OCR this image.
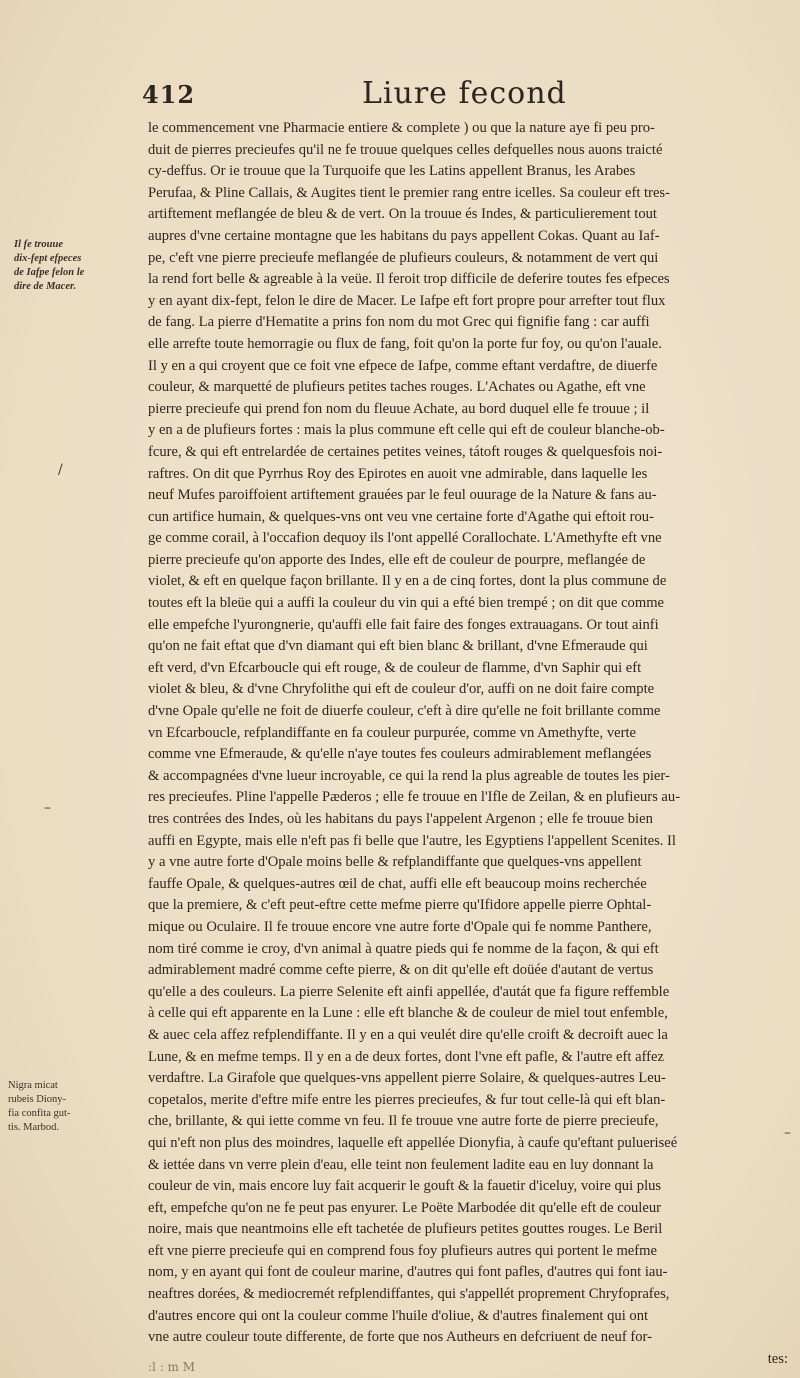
412	Liure fecond
Il fe trouue
dix-fept efpeces
de Iafpe felon le
dire de Macer.
Nigra micat
rubeis Diony-
fia confita gut-
tis. Marbod.
/
–
–
:l : m M
le commencement vne Pharmacie entiere & complete ) ou que la nature aye fi peu pro-
duit de pierres precieufes qu'il ne fe trouue quelques celles defquelles nous auons traicté
cy-deffus. Or ie trouue que la Turquoife que les Latins appellent Branus, les Arabes
Perufaa, & Pline Callais, & Augites tient le premier rang entre icelles. Sa couleur eft tres-
artiftement meflangée de bleu & de vert. On la trouue és Indes, & particulierement tout
aupres d'vne certaine montagne que les habitans du pays appellent Cokas. Quant au Iaf-
pe, c'eft vne pierre precieufe meflangée de plufieurs couleurs, & notamment de vert qui
la rend fort belle & agreable à la veüe. Il feroit trop difficile de deferire toutes fes efpeces
y en ayant dix-fept, felon le dire de Macer. Le Iafpe eft fort propre pour arrefter tout flux
de fang. La pierre d'Hematite a prins fon nom du mot Grec qui fignifie fang : car auffi
elle arrefte toute hemorragie ou flux de fang, foit qu'on la porte fur foy, ou qu'on l'auale.
Il y en a qui croyent que ce foit vne efpece de Iafpe, comme eftant verdaftre, de diuerfe
couleur, & marquetté de plufieurs petites taches rouges. L'Achates ou Agathe, eft vne
pierre precieufe qui prend fon nom du fleuue Achate, au bord duquel elle fe trouue ; il
y en a de plufieurs fortes : mais la plus commune eft celle qui eft de couleur blanche-ob-
fcure, & qui eft entrelardée de certaines petites veines, tátoft rouges & quelquesfois noi-
raftres. On dit que Pyrrhus Roy des Epirotes en auoit vne admirable, dans laquelle les
neuf Mufes paroiffoient artiftement grauées par le feul ouurage de la Nature & fans au-
cun artifice humain, & quelques-vns ont veu vne certaine forte d'Agathe qui eftoit rou-
ge comme corail, à l'occafion dequoy ils l'ont appellé Corallochate. L'Amethyfte eft vne
pierre precieufe qu'on apporte des Indes, elle eft de couleur de pourpre, meflangée de
violet, & eft en quelque façon brillante. Il y en a de cinq fortes, dont la plus commune de
toutes eft la bleüe qui a auffi la couleur du vin qui a efté bien trempé ; on dit que comme
elle empefche l'yurongnerie, qu'auffi elle fait faire des fonges extrauagans. Or tout ainfi
qu'on ne fait eftat que d'vn diamant qui eft bien blanc & brillant, d'vne Efmeraude qui
eft verd, d'vn Efcarboucle qui eft rouge, & de couleur de flamme, d'vn Saphir qui eft
violet & bleu, & d'vne Chryfolithe qui eft de couleur d'or, auffi on ne doit faire compte
d'vne Opale qu'elle ne foit de diuerfe couleur, c'eft à dire qu'elle ne foit brillante comme
vn Efcarboucle, refplandiffante en fa couleur purpurée, comme vn Amethyfte, verte
comme vne Efmeraude, & qu'elle n'aye toutes fes couleurs admirablement meflangées
& accompagnées d'vne lueur incroyable, ce qui la rend la plus agreable de toutes les pier-
res precieufes. Pline l'appelle Pæderos ; elle fe trouue en l'Ifle de Zeilan, & en plufieurs au-
tres contrées des Indes, où les habitans du pays l'appelent Argenon ; elle fe trouue bien
auffi en Egypte, mais elle n'eft pas fi belle que l'autre, les Egyptiens l'appellent Scenites. Il
y a vne autre forte d'Opale moins belle & refplandiffante que quelques-vns appellent
fauffe Opale, & quelques-autres œil de chat, auffi elle eft beaucoup moins recherchée
que la premiere, & c'eft peut-eftre cette mefme pierre qu'Ifidore appelle pierre Ophtal-
mique ou Oculaire. Il fe trouue encore vne autre forte d'Opale qui fe nomme Panthere,
nom tiré comme ie croy, d'vn animal à quatre pieds qui fe nomme de la façon, & qui eft
admirablement madré comme cefte pierre, & on dit qu'elle eft doüée d'autant de vertus
qu'elle a des couleurs. La pierre Selenite eft ainfi appellée, d'autát que fa figure reffemble
à celle qui eft apparente en la Lune : elle eft blanche & de couleur de miel tout enfemble,
& auec cela affez refplendiffante. Il y en a qui veulét dire qu'elle croift & decroift auec la
Lune, & en mefme temps. Il y en a de deux fortes, dont l'vne eft pafle, & l'autre eft affez
verdaftre. La Girafole que quelques-vns appellent pierre Solaire, & quelques-autres Leu-
copetalos, merite d'eftre mife entre les pierres precieufes, & fur tout celle-là qui eft blan-
che, brillante, & qui iette comme vn feu. Il fe trouue vne autre forte de pierre precieufe,
qui n'eft non plus des moindres, laquelle eft appellée Dionyfia, à caufe qu'eftant pulueriseé
& iettée dans vn verre plein d'eau, elle teint non feulement ladite eau en luy donnant la
couleur de vin, mais encore luy fait acquerir le gouft & la fauetir d'iceluy, voire qui plus
eft, empefche qu'on ne fe peut pas enyurer. Le Poëte Marbodée dit qu'elle eft de couleur
noire, mais que neantmoins elle eft tachetée de plufieurs petites gouttes rouges. Le Beril
eft vne pierre precieufe qui en comprend fous foy plufieurs autres qui portent le mefme
nom, y en ayant qui font de couleur marine, d'autres qui font pafles, d'autres qui font iau-
neaftres dorées, & mediocremét refplendiffantes, qui s'appellét proprement Chryfoprafes,
d'autres encore qui ont la couleur comme l'huile d'oliue, & d'autres finalement qui ont
vne autre couleur toute differente, de forte que nos Autheurs en defcriuent de neuf for-
tes:
